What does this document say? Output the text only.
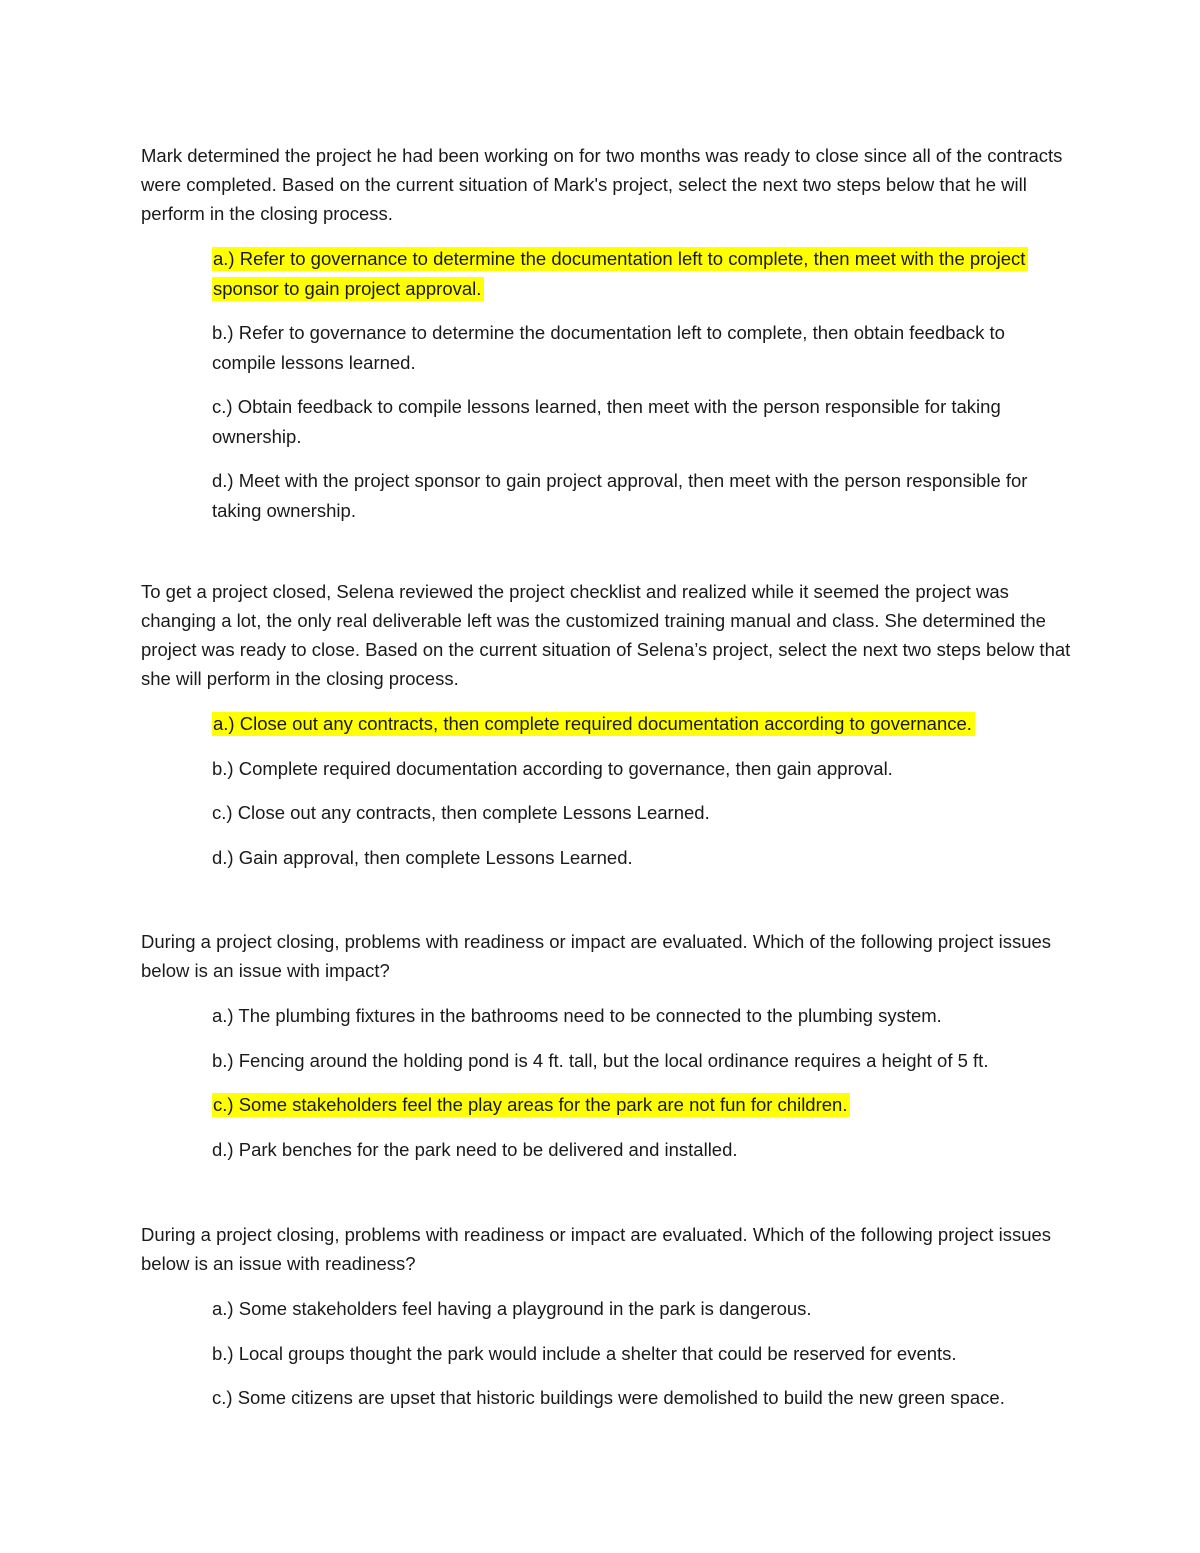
Mark determined the project he had been working on for two months was ready to close since all of the contracts were completed. Based on the current situation of Mark's project, select the next two steps below that he will perform in the closing process.

a.) Refer to governance to determine the documentation left to complete, then meet with the project sponsor to gain project approval.
b.) Refer to governance to determine the documentation left to complete, then obtain feedback to compile lessons learned.
c.) Obtain feedback to compile lessons learned, then meet with the person responsible for taking ownership.
d.) Meet with the project sponsor to gain project approval, then meet with the person responsible for taking ownership.

To get a project closed, Selena reviewed the project checklist and realized while it seemed the project was changing a lot, the only real deliverable left was the customized training manual and class. She determined the project was ready to close. Based on the current situation of Selena’s project, select the next two steps below that she will perform in the closing process.

a.) Close out any contracts, then complete required documentation according to governance.
b.) Complete required documentation according to governance, then gain approval.
c.) Close out any contracts, then complete Lessons Learned.
d.) Gain approval, then complete Lessons Learned.

During a project closing, problems with readiness or impact are evaluated. Which of the following project issues below is an issue with impact?

a.) The plumbing fixtures in the bathrooms need to be connected to the plumbing system.
b.) Fencing around the holding pond is 4 ft. tall, but the local ordinance requires a height of 5 ft.
c.) Some stakeholders feel the play areas for the park are not fun for children.
d.) Park benches for the park need to be delivered and installed.

During a project closing, problems with readiness or impact are evaluated. Which of the following project issues below is an issue with readiness?

a.) Some stakeholders feel having a playground in the park is dangerous.
b.) Local groups thought the park would include a shelter that could be reserved for events.
c.) Some citizens are upset that historic buildings were demolished to build the new green space.
